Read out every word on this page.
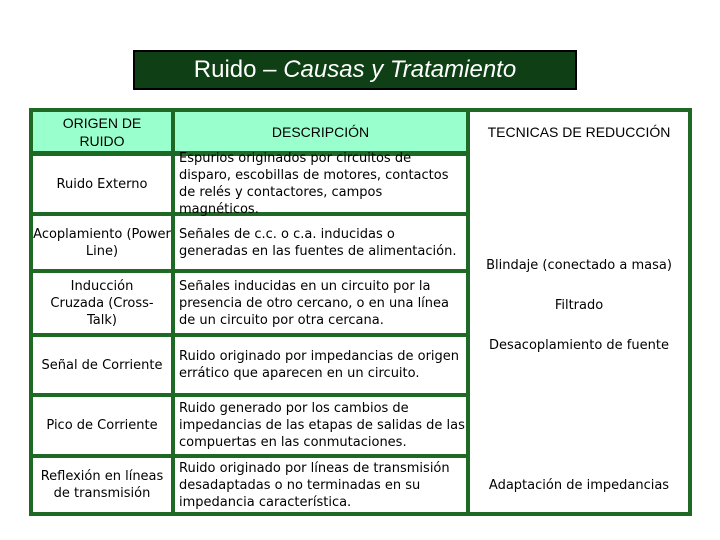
Ruido – Causas y Tratamiento
ORIGEN DE RUIDO
DESCRIPCIÓN	TECNICAS DE REDUCCIÓN
Ruido Externo
Espurios originados por circuitos de disparo, escobillas de motores, contactos de relés y contactores, campos magnéticos.
Acoplamiento (Power Line)
Señales de c.c. o c.a. inducidas o generadas en las fuentes de alimentación.
Inducción Cruzada (Cross-Talk)
Señales inducidas en un circuito por la presencia de otro cercano, o en una línea de un circuito por otra cercana.
Señal de Corriente
Ruido originado por impedancias de origen errático que aparecen en un circuito.
Pico de Corriente
Ruido generado por los cambios de impedancias de las etapas de salidas de las compuertas en las conmutaciones.
Reflexión en líneas de transmisión
Ruido originado por líneas de transmisión desadaptadas o no terminadas en su impedancia característica.
Blindaje (conectado a masa)
Filtrado
Desacoplamiento de fuente
Adaptación de impedancias
